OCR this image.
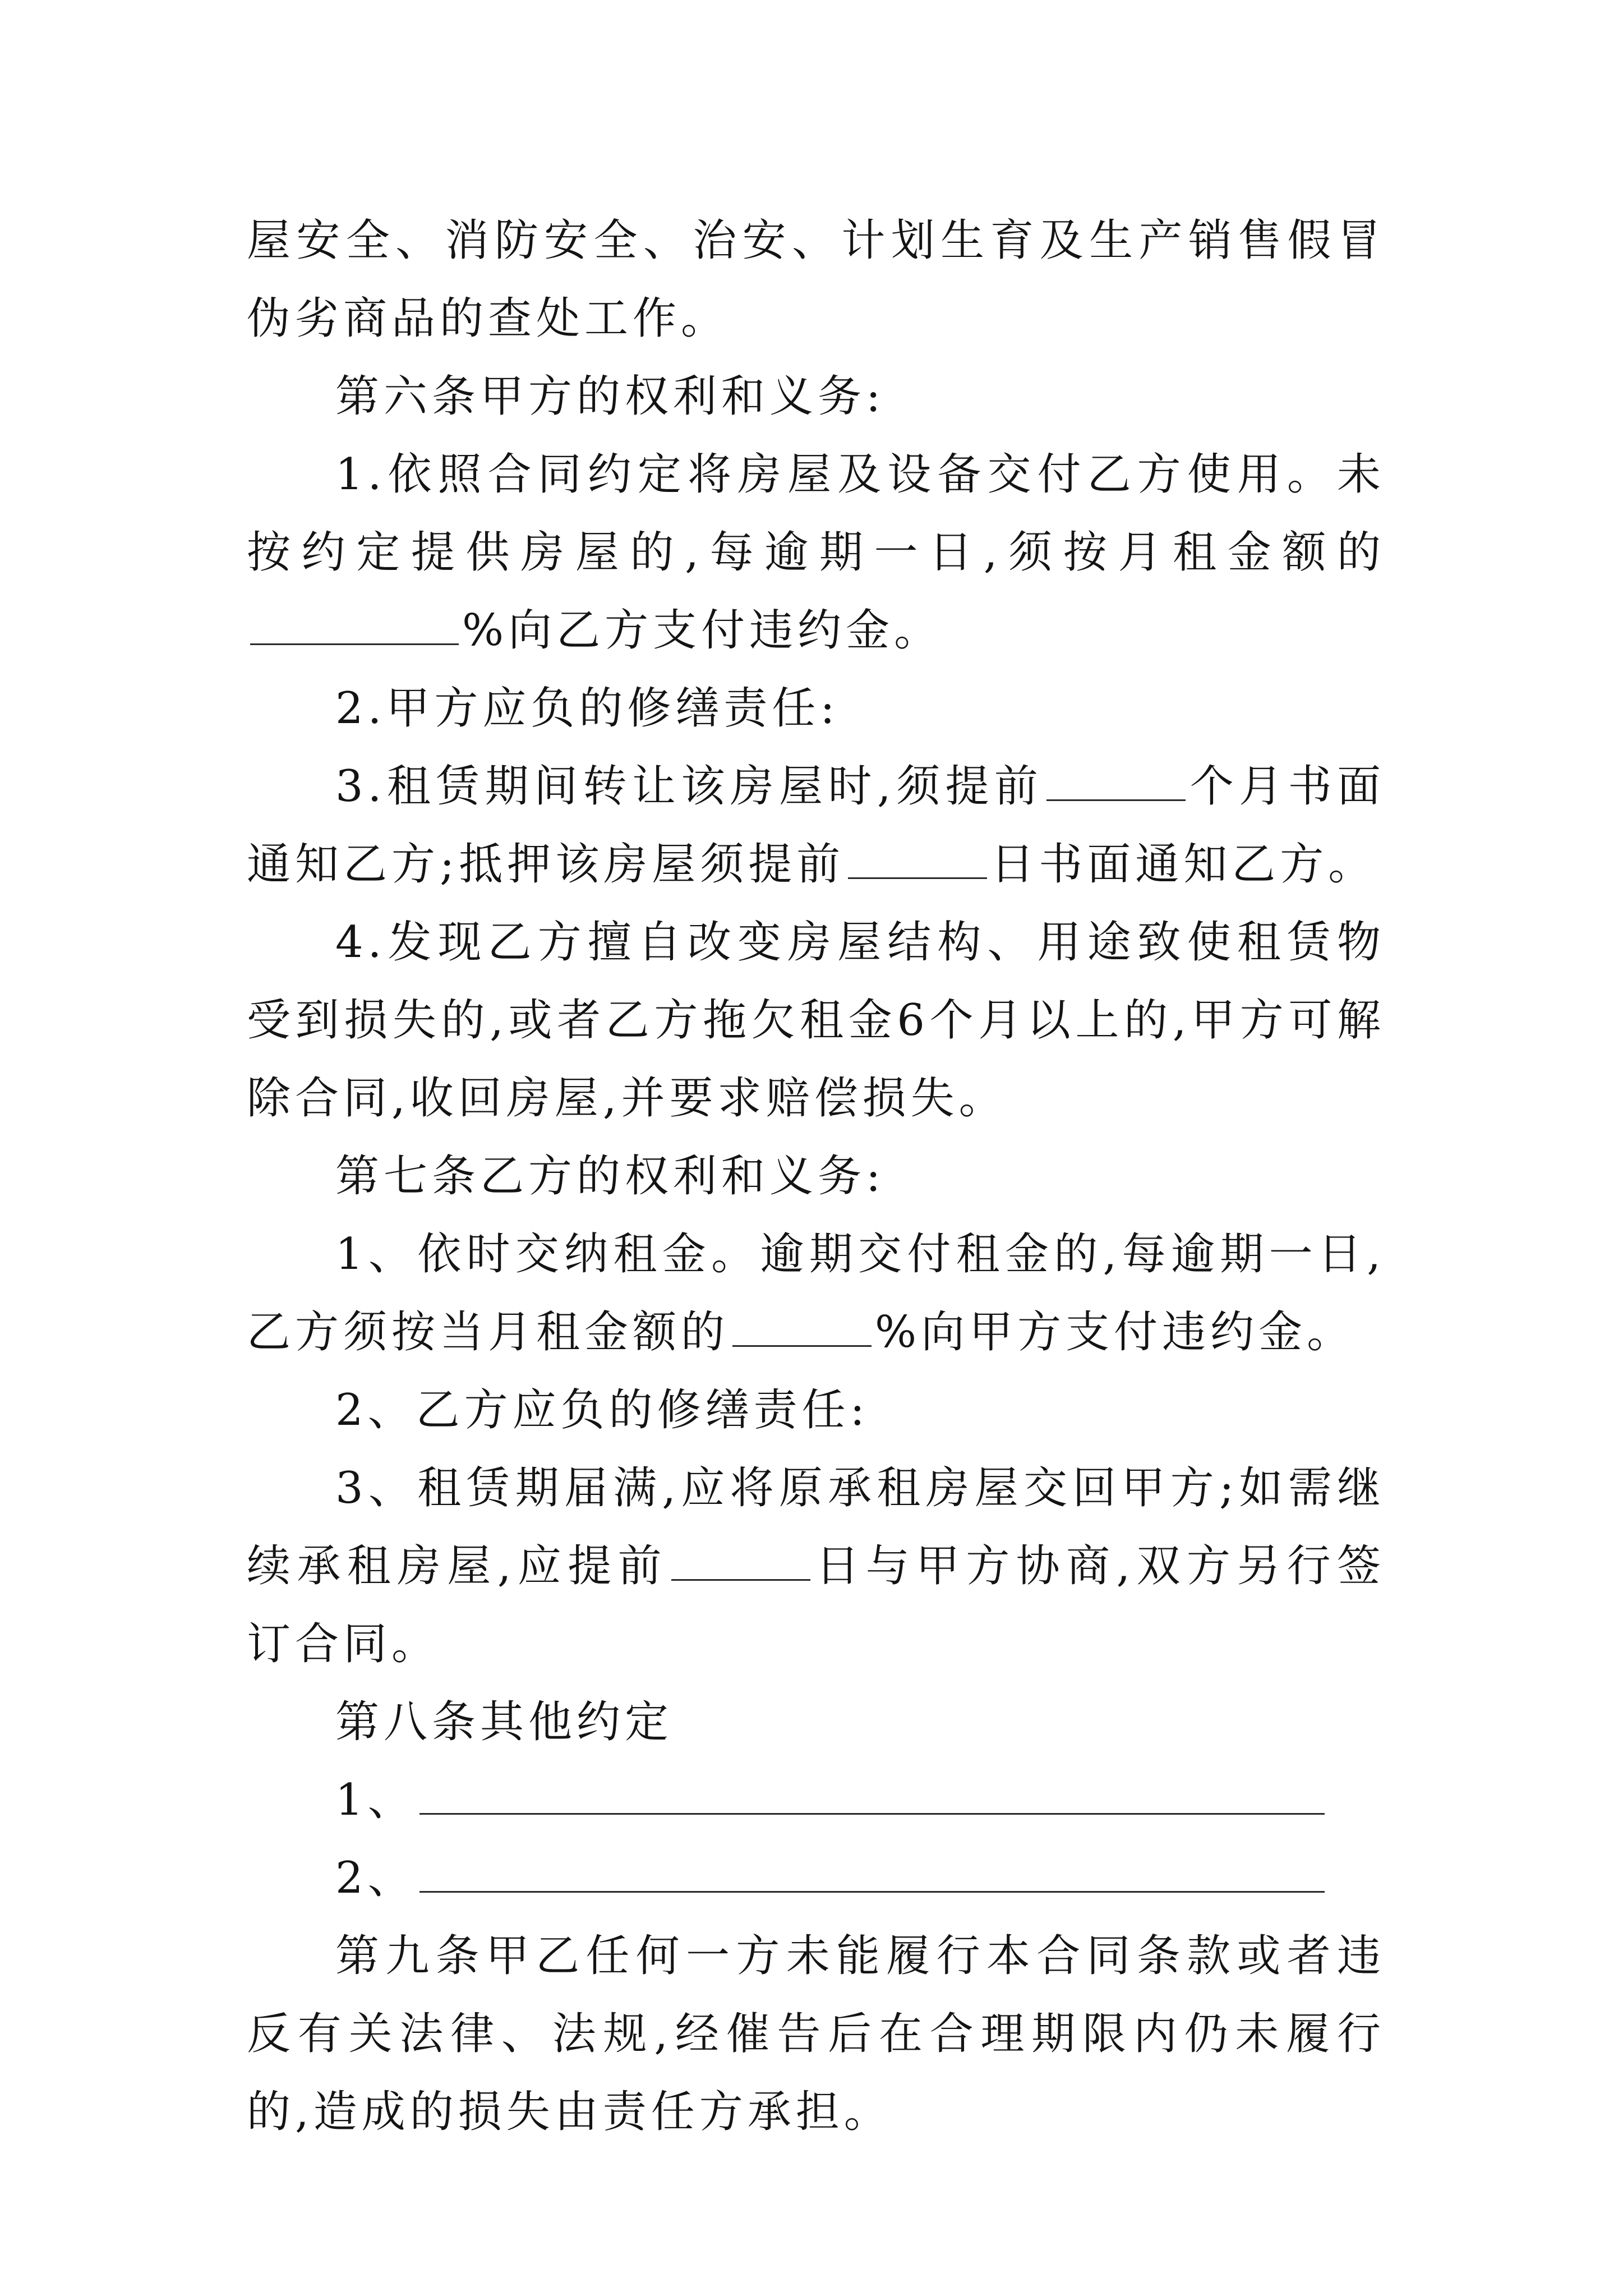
屋安全、消防安全、治安、计划生育及生产销售假冒伪劣商品的查处工作。

第六条甲方的权利和义务:

1.依照合同约定将房屋及设备交付乙方使用。未按约定提供房屋的,每逾期一日,须按月租金额的%向乙方支付违约金。

2.甲方应负的修缮责任:

3.租赁期间转让该房屋时,须提前	个月书面通知乙方;抵押该房屋须提前	日书面通知乙方。

4.发现乙方擅自改变房屋结构、用途致使租赁物受到损失的,或者乙方拖欠租金6个月以上的,甲方可解除合同,收回房屋,并要求赔偿损失。

第七条乙方的权利和义务:

1、依时交纳租金。逾期交付租金的,每逾期一日,乙方须按当月租金额的	%向甲方支付违约金。

2、乙方应负的修缮责任:

3、租赁期届满,应将原承租房屋交回甲方;如需继续承租房屋,应提前	日与甲方协商,双方另行签订合同。

第八条其他约定

1、

2、

第九条甲乙任何一方未能履行本合同条款或者违反有关法律、法规,经催告后在合理期限内仍未履行的,造成的损失由责任方承担。
